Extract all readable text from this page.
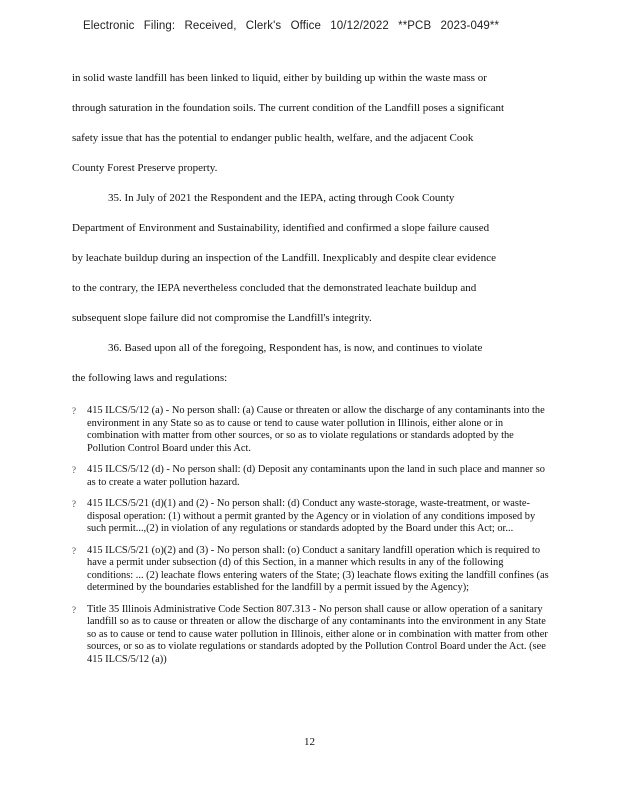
Electronic Filing: Received, Clerk's Office 10/12/2022 **PCB 2023-049**

in solid waste landfill has been linked to liquid, either by building up within the waste mass or

through saturation in the foundation soils. The current condition of the Landfill poses a significant

safety issue that has the potential to endanger public health, welfare, and the adjacent Cook

County Forest Preserve property.

35. In July of 2021 the Respondent and the IEPA, acting through Cook County

Department of Environment and Sustainability, identified and confirmed a slope failure caused

by leachate buildup during an inspection of the Landfill. Inexplicably and despite clear evidence

to the contrary, the IEPA nevertheless concluded that the demonstrated leachate buildup and

subsequent slope failure did not compromise the Landfill's integrity.

36. Based upon all of the foregoing, Respondent has, is now, and continues to violate

the following laws and regulations:

?	415 ILCS/5/12 (a) - No person shall: (a) Cause or threaten or allow the discharge of any contaminants into the environment in any State so as to cause or tend to cause water pollution in Illinois, either alone or in combination with matter from other sources, or so as to violate regulations or standards adopted by the Pollution Control Board under this Act.
?	415 ILCS/5/12 (d) - No person shall: (d) Deposit any contaminants upon the land in such place and manner so as to create a water pollution hazard.
?	415 ILCS/5/21 (d)(1) and (2) - No person shall: (d) Conduct any waste-storage, waste-treatment, or waste-disposal operation: (1) without a permit granted by the Agency or in violation of any conditions imposed by such permit...,(2) in violation of any regulations or standards adopted by the Board under this Act; or...
?	415 ILCS/5/21 (o)(2) and (3) - No person shall: (o) Conduct a sanitary landfill operation which is required to have a permit under subsection (d) of this Section, in a manner which results in any of the following conditions: ... (2) leachate flows entering waters of the State; (3) leachate flows exiting the landfill confines (as determined by the boundaries established for the landfill by a permit issued by the Agency);
?	Title 35 Illinois Administrative Code Section 807.313 - No person shall cause or allow operation of a sanitary landfill so as to cause or threaten or allow the discharge of any contaminants into the environment in any State so as to cause or tend to cause water pollution in Illinois, either alone or in combination with matter from other sources, or so as to violate regulations or standards adopted by the Pollution Control Board under the Act. (see 415 ILCS/5/12 (a))
12
